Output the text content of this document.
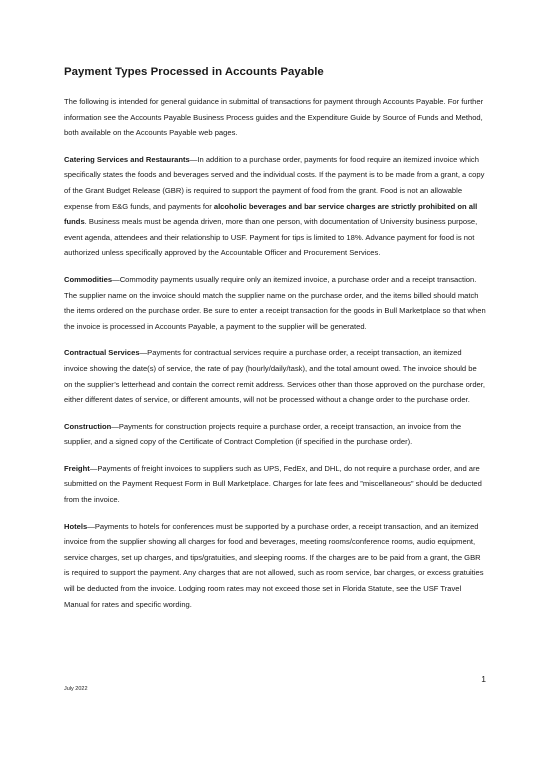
Payment Types Processed in Accounts Payable

The following is intended for general guidance in submittal of transactions for payment through Accounts Payable. For further information see the Accounts Payable Business Process guides and the Expenditure Guide by Source of Funds and Method, both available on the Accounts Payable web pages.

Catering Services and Restaurants—In addition to a purchase order, payments for food require an itemized invoice which specifically states the foods and beverages served and the individual costs. If the payment is to be made from a grant, a copy of the Grant Budget Release (GBR) is required to support the payment of food from the grant. Food is not an allowable expense from E&G funds, and payments for alcoholic beverages and bar service charges are strictly prohibited on all funds. Business meals must be agenda driven, more than one person, with documentation of University business purpose, event agenda, attendees and their relationship to USF. Payment for tips is limited to 18%. Advance payment for food is not authorized unless specifically approved by the Accountable Officer and Procurement Services.

Commodities—Commodity payments usually require only an itemized invoice, a purchase order and a receipt transaction. The supplier name on the invoice should match the supplier name on the purchase order, and the items billed should match the items ordered on the purchase order. Be sure to enter a receipt transaction for the goods in Bull Marketplace so that when the invoice is processed in Accounts Payable, a payment to the supplier will be generated.

Contractual Services—Payments for contractual services require a purchase order, a receipt transaction, an itemized invoice showing the date(s) of service, the rate of pay (hourly/daily/task), and the total amount owed. The invoice should be on the supplier’s letterhead and contain the correct remit address. Services other than those approved on the purchase order, either different dates of service, or different amounts, will not be processed without a change order to the purchase order.

Construction—Payments for construction projects require a purchase order, a receipt transaction, an invoice from the supplier, and a signed copy of the Certificate of Contract Completion (if specified in the purchase order).

Freight—Payments of freight invoices to suppliers such as UPS, FedEx, and DHL, do not require a purchase order, and are submitted on the Payment Request Form in Bull Marketplace. Charges for late fees and ”miscellaneous” should be deducted from the invoice.

Hotels—Payments to hotels for conferences must be supported by a purchase order, a receipt transaction, and an itemized invoice from the supplier showing all charges for food and beverages, meeting rooms/conference rooms, audio equipment, service charges, set up charges, and tips/gratuities, and sleeping rooms. If the charges are to be paid from a grant, the GBR is required to support the payment. Any charges that are not allowed, such as room service, bar charges, or excess gratuities will be deducted from the invoice. Lodging room rates may not exceed those set in Florida Statute, see the USF Travel Manual for rates and specific wording.

1
July 2022
